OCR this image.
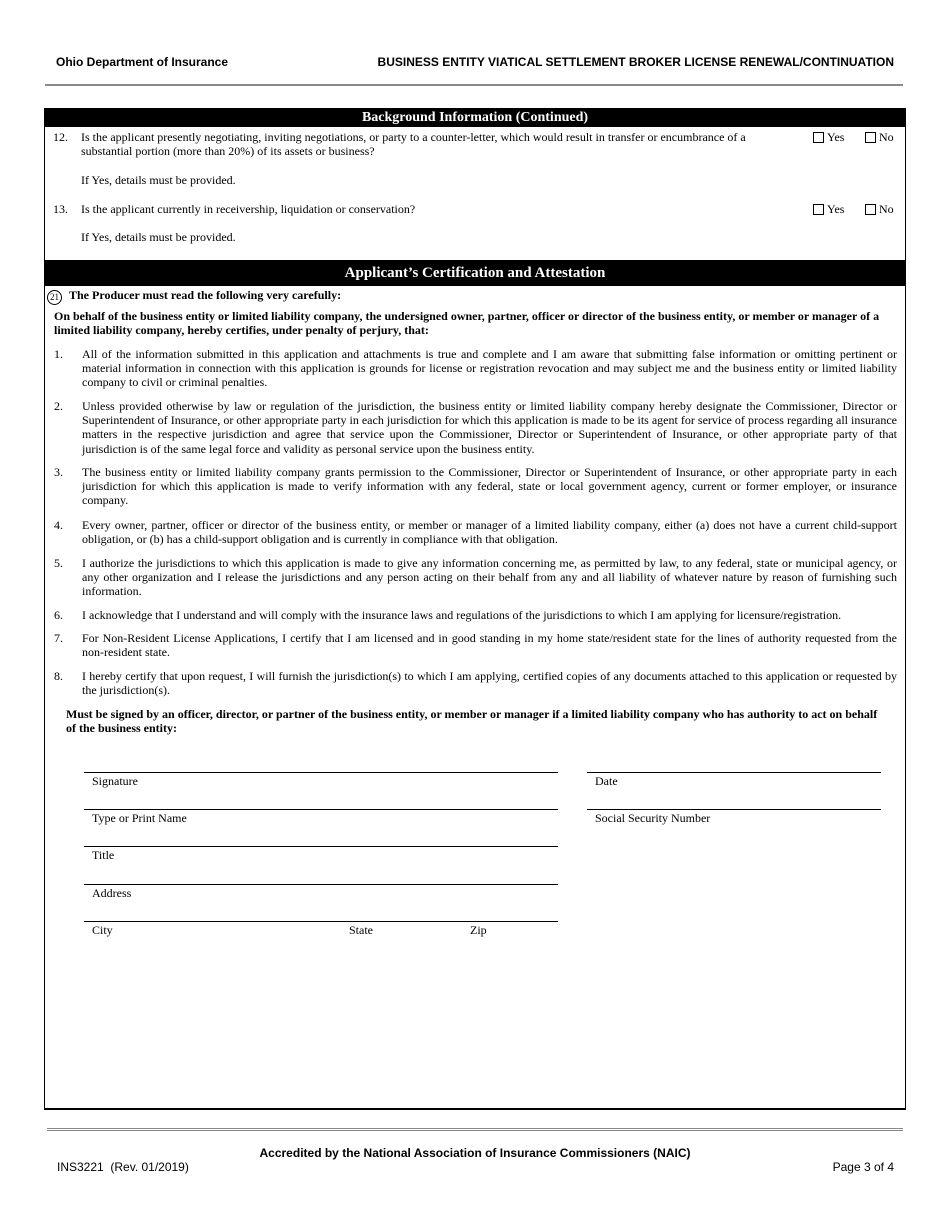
Ohio Department of Insurance	BUSINESS ENTITY VIATICAL SETTLEMENT BROKER LICENSE RENEWAL/CONTINUATION
Background Information (Continued)
12. Is the applicant presently negotiating, inviting negotiations, or party to a counter-letter, which would result in transfer or encumbrance of a
substantial portion (more than 20%) of its assets or business?
Yes	No
If Yes, details must be provided.
13. Is the applicant currently in receivership, liquidation or conservation?	Yes	No
If Yes, details must be provided.
Applicant’s Certification and Attestation
21 The Producer must read the following very carefully:
On behalf of the business entity or limited liability company, the undersigned owner, partner, officer or director of the business entity, or member or manager of a limited liability company, hereby certifies, under penalty of perjury, that:
1. All of the information submitted in this application and attachments is true and complete and I am aware that submitting false information or omitting pertinent or material information in connection with this application is grounds for license or registration revocation and may subject me and the business entity or limited liability company to civil or criminal penalties.
2. Unless provided otherwise by law or regulation of the jurisdiction, the business entity or limited liability company hereby designate the Commissioner, Director or Superintendent of Insurance, or other appropriate party in each jurisdiction for which this application is made to be its agent for service of process regarding all insurance matters in the respective jurisdiction and agree that service upon the Commissioner, Director or Superintendent of Insurance, or other appropriate party of that jurisdiction is of the same legal force and validity as personal service upon the business entity.
3. The business entity or limited liability company grants permission to the Commissioner, Director or Superintendent of Insurance, or other appropriate party in each jurisdiction for which this application is made to verify information with any federal, state or local government agency, current or former employer, or insurance company.
4. Every owner, partner, officer or director of the business entity, or member or manager of a limited liability company, either (a) does not have a current child-support obligation, or (b) has a child-support obligation and is currently in compliance with that obligation.
5. I authorize the jurisdictions to which this application is made to give any information concerning me, as permitted by law, to any federal, state or municipal agency, or any other organization and I release the jurisdictions and any person acting on their behalf from any and all liability of whatever nature by reason of furnishing such information.
6. I acknowledge that I understand and will comply with the insurance laws and regulations of the jurisdictions to which I am applying for licensure/registration.
7. For Non-Resident License Applications, I certify that I am licensed and in good standing in my home state/resident state for the lines of authority requested from the non-resident state.
8. I hereby certify that upon request, I will furnish the jurisdiction(s) to which I am applying, certified copies of any documents attached to this application or requested by the jurisdiction(s).
Must be signed by an officer, director, or partner of the business entity, or member or manager if a limited liability company who has authority to act on behalf of the business entity:
Signature	Date
Type or Print Name	Social Security Number
Title
Address
City	State	Zip
Accredited by the National Association of Insurance Commissioners (NAIC)
INS3221  (Rev. 01/2019)	Page 3 of 4
